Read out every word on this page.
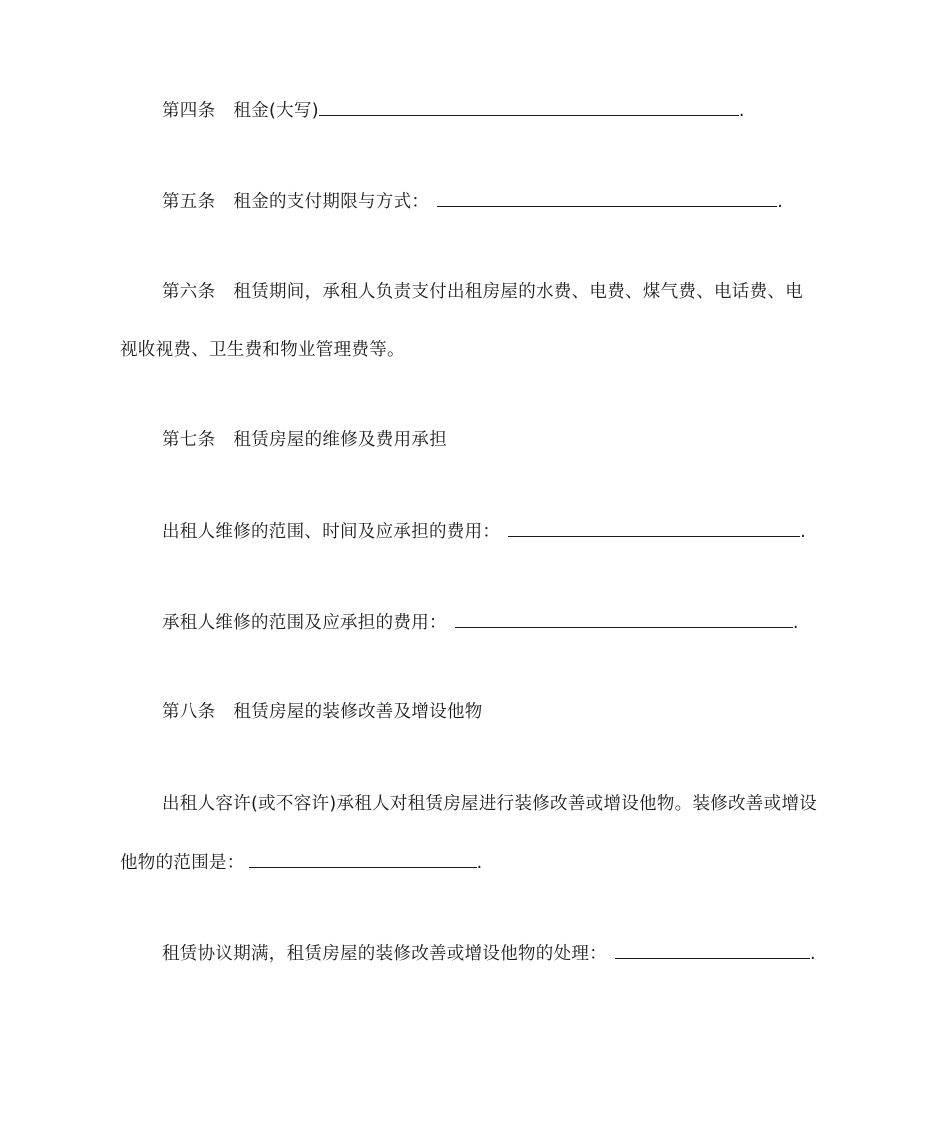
第四条 租金(大写)	.
第五条 租金的支付期限与方式：	.
第六条 租赁期间，承租人负责支付出租房屋的水费、电费、煤气费、电话费、电
视收视费、卫生费和物业管理费等。
第七条 租赁房屋的维修及费用承担
出租人维修的范围、时间及应承担的费用：	.
承租人维修的范围及应承担的费用：	.
第八条 租赁房屋的装修改善及增设他物
出租人容许(或不容许)承租人对租赁房屋进行装修改善或增设他物。装修改善或增设
他物的范围是：	.
租赁协议期满，租赁房屋的装修改善或增设他物的处理：	.
